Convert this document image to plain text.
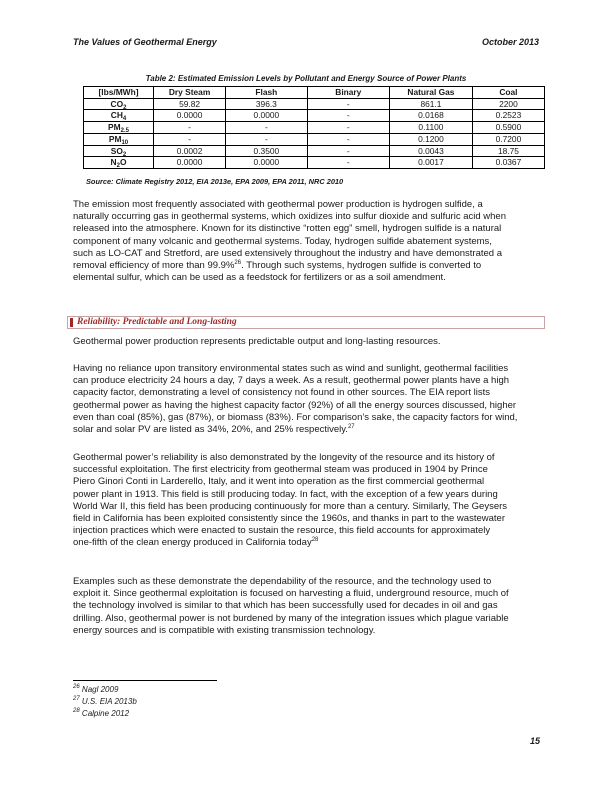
The Values of Geothermal Energy	October 2013
Table 2: Estimated Emission Levels by Pollutant and Energy Source of Power Plants
[lbs/MWh]	Dry Steam	Flash	Binary	Natural Gas	Coal
$CO_2$	59.82	396.3	-	861.1	2200
$CH_4$	0.0000	0.0000	-	0.0168	0.2523
$PM_{2.5}$	-	-	-	0.1100	0.5900
$PM_{10}$	-	-	-	0.1200	0.7200
$SO_2$	0.0002	0.3500	-	0.0043	18.75
$N_2O$	0.0000	0.0000	-	0.0017	0.0367
Source: Climate Registry 2012, EIA 2013e, EPA 2009, EPA 2011, NRC 2010

The emission most frequently associated with geothermal power production is hydrogen sulfide, a
naturally occurring gas in geothermal systems, which oxidizes into sulfur dioxide and sulfuric acid when
released into the atmosphere. Known for its distinctive “rotten egg” smell, hydrogen sulfide is a natural
component of many volcanic and geothermal systems. Today, hydrogen sulfide abatement systems,
such as LO-CAT and Stretford, are used extensively throughout the industry and have demonstrated a
removal efficiency of more than 99.9%$^{26}$. Through such systems, hydrogen sulfide is converted to
elemental sulfur, which can be used as a feedstock for fertilizers or as a soil amendment.

Reliability: Predictable and Long-lasting

Geothermal power production represents predictable output and long-lasting resources.

Having no reliance upon transitory environmental states such as wind and sunlight, geothermal facilities
can produce electricity 24 hours a day, 7 days a week. As a result, geothermal power plants have a high
capacity factor, demonstrating a level of consistency not found in other sources. The EIA report lists
geothermal power as having the highest capacity factor (92%) of all the energy sources discussed, higher
even than coal (85%), gas (87%), or biomass (83%). For comparison’s sake, the capacity factors for wind,
solar and solar PV are listed as 34%, 20%, and 25% respectively.$^{27}$

Geothermal power’s reliability is also demonstrated by the longevity of the resource and its history of
successful exploitation. The first electricity from geothermal steam was produced in 1904 by Prince
Piero Ginori Conti in Larderello, Italy, and it went into operation as the first commercial geothermal
power plant in 1913. This field is still producing today. In fact, with the exception of a few years during
World War II, this field has been producing continuously for more than a century. Similarly, The Geysers
field in California has been exploited consistently since the 1960s, and thanks in part to the wastewater
injection practices which were enacted to sustain the resource, this field accounts for approximately
one-fifth of the clean energy produced in California today$^{28}$

Examples such as these demonstrate the dependability of the resource, and the technology used to
exploit it. Since geothermal exploitation is focused on harvesting a fluid, underground resource, much of
the technology involved is similar to that which has been successfully used for decades in oil and gas
drilling. Also, geothermal power is not burdened by many of the integration issues which plague variable
energy sources and is compatible with existing transmission technology.

$^{26}$ Nagl 2009
$^{27}$ U.S. EIA 2013b
$^{28}$ Calpine 2012
15
